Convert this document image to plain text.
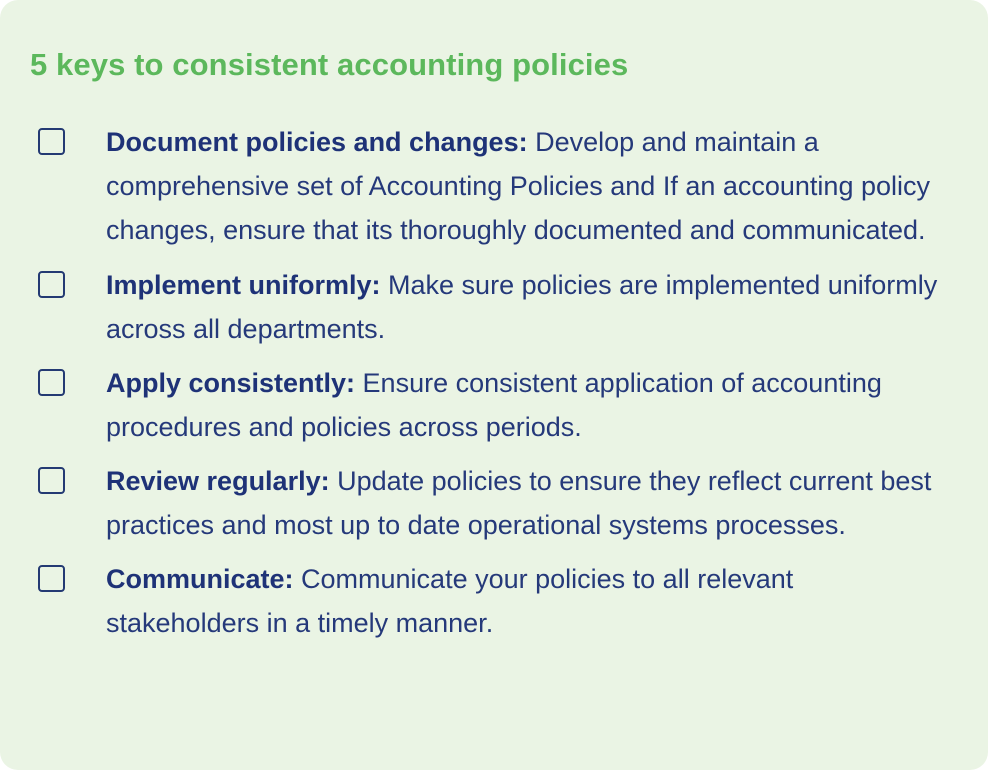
5 keys to consistent accounting policies
Document policies and changes: Develop and maintain a comprehensive set of Accounting Policies and If an accounting policy changes, ensure that its thoroughly documented and communicated.
Implement uniformly: Make sure policies are implemented uniformly across all departments.
Apply consistently: Ensure consistent application of accounting procedures and policies across periods.
Review regularly: Update policies to ensure they reflect current best practices and most up to date operational systems processes.
Communicate: Communicate your policies to all relevant stakeholders in a timely manner.
